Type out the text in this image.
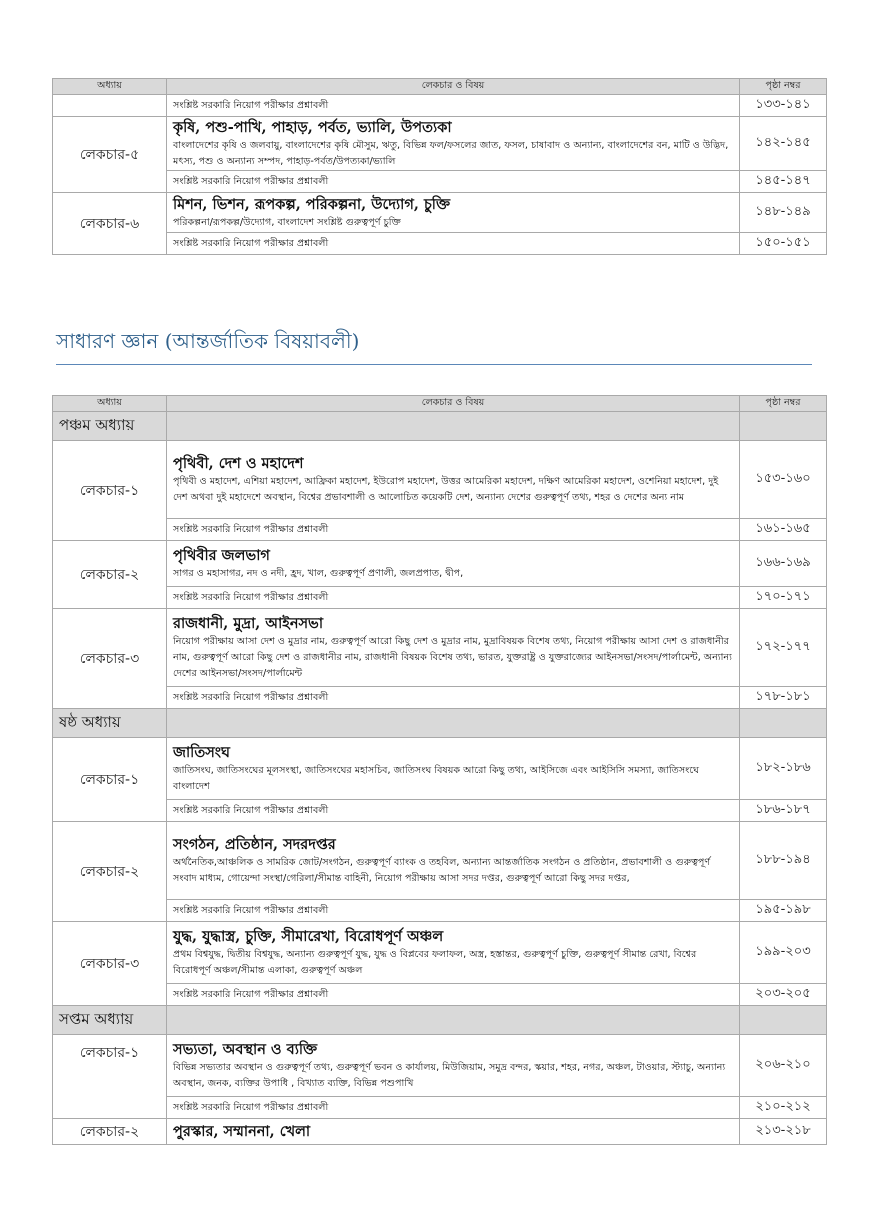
অধ্যায়	লেকচার ও বিষয়	পৃষ্ঠা নম্বর
	সংশ্লিষ্ট সরকারি নিয়োগ পরীক্ষার প্রশ্নাবলী	১৩৩-১৪১
লেকচার-৫	কৃষি, পশু-পাখি, পাহাড়, পর্বত, ভ্যালি, উপত্যকা
বাংলাদেশের কৃষি ও জলবায়ু, বাংলাদেশের কৃষি মৌসুম, ঋতু, বিভিন্ন ফল/ফসলের জাত, ফসল, চাষাবাদ ও অন্যান্য, বাংলাদেশের বন, মাটি ও উদ্ভিদ, মৎস্য, পশু ও অন্যান্য সম্পদ, পাহাড়-পর্বত/উপত্যকা/ভ্যালি	১৪২-১৪৫
	সংশ্লিষ্ট সরকারি নিয়োগ পরীক্ষার প্রশ্নাবলী	১৪৫-১৪৭
লেকচার-৬	মিশন, ভিশন, রূপকল্প, পরিকল্পনা, উদ্যোগ, চুক্তি
পরিকল্পনা/রূপকল্প/উদ্যোগ, বাংলাদেশ সংশ্লিষ্ট গুরুত্বপূর্ণ চুক্তি	১৪৮-১৪৯
	সংশ্লিষ্ট সরকারি নিয়োগ পরীক্ষার প্রশ্নাবলী	১৫০-১৫১
সাধারণ জ্ঞান (আন্তর্জাতিক বিষয়াবলী)
অধ্যায়	লেকচার ও বিষয়	পৃষ্ঠা নম্বর
পঞ্চম অধ্যায়		
লেকচার-১	পৃথিবী, দেশ ও মহাদেশ
পৃথিবী ও মহাদেশ, এশিয়া মহাদেশ, আফ্রিকা মহাদেশ, ইউরোপ মহাদেশ, উত্তর আমেরিকা মহাদেশ, দক্ষিণ আমেরিকা মহাদেশ, ওশেনিয়া মহাদেশ, দুই দেশ অথবা দুই মহাদেশে অবস্থান, বিশ্বের প্রভাবশালী ও আলোচিত কয়েকটি দেশ, অন্যান্য দেশের গুরুত্বপূর্ণ তথ্য, শহর ও দেশের অন্য নাম	১৫৩-১৬০
	সংশ্লিষ্ট সরকারি নিয়োগ পরীক্ষার প্রশ্নাবলী	১৬১-১৬৫
লেকচার-২	পৃথিবীর জলভাগ
সাগর ও মহাসাগর, নদ ও নদী, হ্রদ, খাল, গুরুত্বপূর্ণ প্রণালী, জলপ্রপাত, দ্বীপ,	১৬৬-১৬৯
	সংশ্লিষ্ট সরকারি নিয়োগ পরীক্ষার প্রশ্নাবলী	১৭০-১৭১
লেকচার-৩	রাজধানী, মুদ্রা, আইনসভা
নিয়োগ পরীক্ষায় আসা দেশ ও মুদ্রার নাম, গুরুত্বপূর্ণ আরো কিছু দেশ ও মুদ্রার নাম, মুদ্রাবিষয়ক বিশেষ তথ্য, নিয়োগ পরীক্ষায় আসা দেশ ও রাজধানীর নাম, গুরুত্বপূর্ণ আরো কিছু দেশ ও রাজধানীর নাম, রাজধানী বিষয়ক বিশেষ তথ্য, ভারত, যুক্তরাষ্ট্র ও যুক্তরাজ্যের আইনসভা/সংসদ/পার্লামেন্ট, অন্যান্য দেশের আইনসভা/সংসদ/পার্লামেন্ট	১৭২-১৭৭
	সংশ্লিষ্ট সরকারি নিয়োগ পরীক্ষার প্রশ্নাবলী	১৭৮-১৮১
ষষ্ঠ অধ্যায়		
লেকচার-১	জাতিসংঘ
জাতিসংঘ, জাতিসংঘের মূলসংস্থা, জাতিসংঘের মহাসচিব, জাতিসংঘ বিষয়ক আরো কিছু তথ্য, আইসিজে এবং আইসিসি সমস্যা, জাতিসংঘে বাংলাদেশ	১৮২-১৮৬
	সংশ্লিষ্ট সরকারি নিয়োগ পরীক্ষার প্রশ্নাবলী	১৮৬-১৮৭
লেকচার-২	সংগঠন, প্রতিষ্ঠান, সদরদপ্তর
অর্থনৈতিক,আঞ্চলিক ও সামরিক জোট/সংগঠন, গুরুত্বপূর্ণ ব্যাংক ও তহবিল, অন্যান্য আন্তর্জাতিক সংগঠন ও প্রতিষ্ঠান, প্রভাবশালী ও গুরুত্বপূর্ণ সংবাদ মাধ্যম, গোয়েন্দা সংস্থা/গেরিলা/সীমান্ত বাহিনী, নিয়োগ পরীক্ষায় আসা সদর দপ্তর, গুরুত্বপূর্ণ আরো কিছু সদর দপ্তর,	১৮৮-১৯৪
	সংশ্লিষ্ট সরকারি নিয়োগ পরীক্ষার প্রশ্নাবলী	১৯৫-১৯৮
লেকচার-৩	যুদ্ধ, যুদ্ধাস্ত্র, চুক্তি, সীমারেখা, বিরোধপূর্ণ অঞ্চল
প্রথম বিশ্বযুদ্ধ, দ্বিতীয় বিশ্বযুদ্ধ, অন্যান্য গুরুত্বপূর্ণ যুদ্ধ, যুদ্ধ ও বিপ্লবের ফলাফল, অস্ত্র, হস্তান্তর, গুরুত্বপূর্ণ চুক্তি, গুরুত্বপূর্ণ সীমান্ত রেখা, বিশ্বের বিরোধপূর্ণ অঞ্চল/সীমান্ত এলাকা, গুরুত্বপূর্ণ অঞ্চল	১৯৯-২০৩
	সংশ্লিষ্ট সরকারি নিয়োগ পরীক্ষার প্রশ্নাবলী	২০৩-২০৫
সপ্তম অধ্যায়		
লেকচার-১	সভ্যতা, অবস্থান ও ব্যক্তি
বিভিন্ন সভ্যতার অবস্থান ও গুরুত্বপূর্ণ তথ্য, গুরুত্বপূর্ণ ভবন ও কার্যালয়, মিউজিয়াম, সমুদ্র বন্দর, স্কয়ার, শহর, নগর, অঞ্চল, টাওয়ার, স্ট্যাচু, অন্যান্য অবস্থান, জনক, ব্যক্তির উপাধি , বিখ্যাত ব্যক্তি, বিভিন্ন পশুপাখি	২০৬-২১০
	সংশ্লিষ্ট সরকারি নিয়োগ পরীক্ষার প্রশ্নাবলী	২১০-২১২
লেকচার-২	পুরস্কার, সম্মাননা, খেলা	২১৩-২১৮
